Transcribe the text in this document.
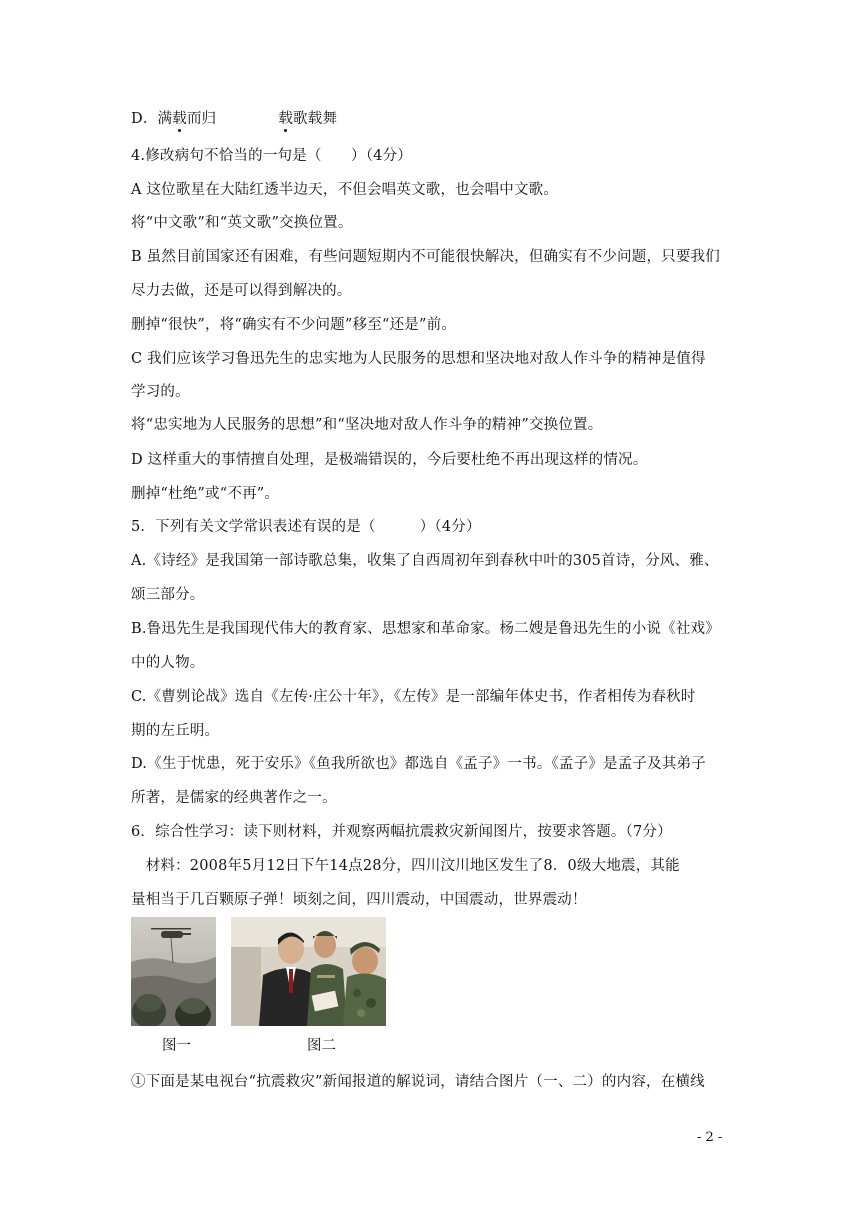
D．满载而归	载歌载舞
4.修改病句不恰当的一句是（　　）（4分）
A 这位歌星在大陆红透半边天，不但会唱英文歌，也会唱中文歌。
将“中文歌”和“英文歌”交换位置。
B 虽然目前国家还有困难，有些问题短期内不可能很快解决，但确实有不少问题，只要我们
尽力去做，还是可以得到解决的。
删掉“很快”，将“确实有不少问题”移至“还是”前。
C 我们应该学习鲁迅先生的忠实地为人民服务的思想和坚决地对敌人作斗争的精神是值得
学习的。
将“忠实地为人民服务的思想”和“坚决地对敌人作斗争的精神”交换位置。
D 这样重大的事情擅自处理，是极端错误的，今后要杜绝不再出现这样的情况。
删掉“杜绝”或“不再”。
5．下列有关文学常识表述有误的是（　　　）（4分）
A.《诗经》是我国第一部诗歌总集，收集了自西周初年到春秋中叶的305首诗，分风、雅、
颂三部分。
B.鲁迅先生是我国现代伟大的教育家、思想家和革命家。杨二嫂是鲁迅先生的小说《社戏》
中的人物。
C.《曹刿论战》选自《左传·庄公十年》，《左传》是一部编年体史书，作者相传为春秋时
期的左丘明。
D.《生于忧患，死于安乐》《鱼我所欲也》都选自《孟子》一书。《孟子》是孟子及其弟子
所著，是儒家的经典著作之一。
6．综合性学习：读下则材料，并观察两幅抗震救灾新闻图片，按要求答题。（7分）
　材料：2008年5月12日下午14点28分，四川汶川地区发生了8．0级大地震，其能
量相当于几百颗原子弹！顷刻之间，四川震动，中国震动，世界震动！
图一	图二
①下面是某电视台“抗震救灾”新闻报道的解说词，请结合图片（一、二）的内容，在横线
- 2 -
